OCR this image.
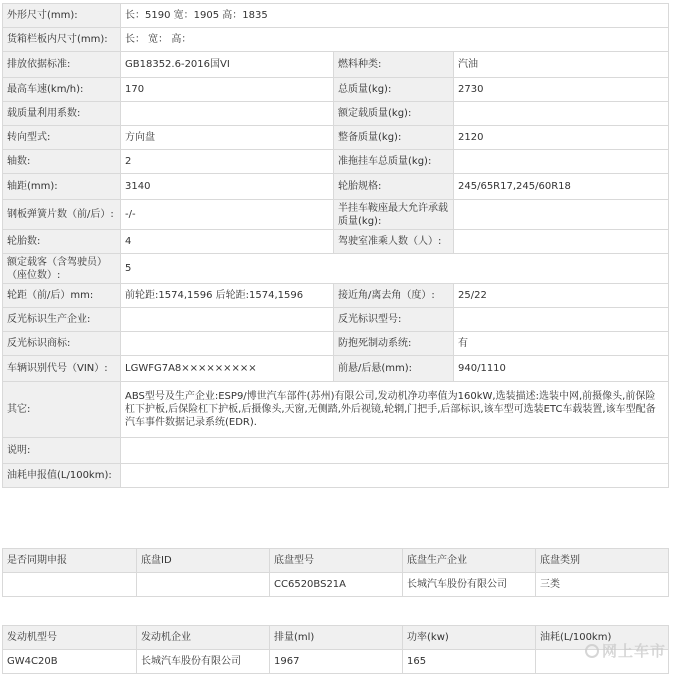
外形尺寸(mm):	长：5190 宽：1905 高：1835		
货箱栏板内尺寸(mm):	长： 宽： 高：		
排放依据标准:	GB18352.6-2016国VI	燃料种类:	汽油
最高车速(km/h):	170	总质量(kg):	2730
载质量利用系数:		额定载质量(kg):	
转向型式:	方向盘	整备质量(kg):	2120
轴数:	2	准拖挂车总质量(kg):	
轴距(mm):	3140	轮胎规格:	245/65R17,245/60R18
钢板弹簧片数（前/后）:	-/-	半挂车鞍座最大允许承载质量(kg):	
轮胎数:	4	驾驶室准乘人数（人）:	
额定载客（含驾驶员）（座位数）:	5		
轮距（前/后）mm:	前轮距:1574,1596 后轮距:1574,1596	接近角/离去角（度）:	25/22
反光标识生产企业:		反光标识型号:	
反光标识商标:		防抱死制动系统:	有
车辆识别代号（VIN）:	LGWFG7A8×××××××××	前悬/后悬(mm):	940/1110
其它:	ABS型号及生产企业:ESP9/博世汽车部件(苏州)有限公司,发动机净功率值为160kW,选装描述:选装中网,前摄像头,前保险杠下护板,后保险杠下护板,后摄像头,天窗,无侧踏,外后视镜,轮辋,门把手,后部标识,该车型可选装ETC车载装置,该车型配备汽车事件数据记录系统(EDR).		
说明:			
油耗申报值(L/100km):			
是否同期申报	底盘ID	底盘型号	底盘生产企业	底盘类别
		CC6520BS21A	长城汽车股份有限公司	三类
发动机型号	发动机企业	排量(ml)	功率(kw)	油耗(L/100km)
GW4C20B	长城汽车股份有限公司	1967	165	
网上车市
